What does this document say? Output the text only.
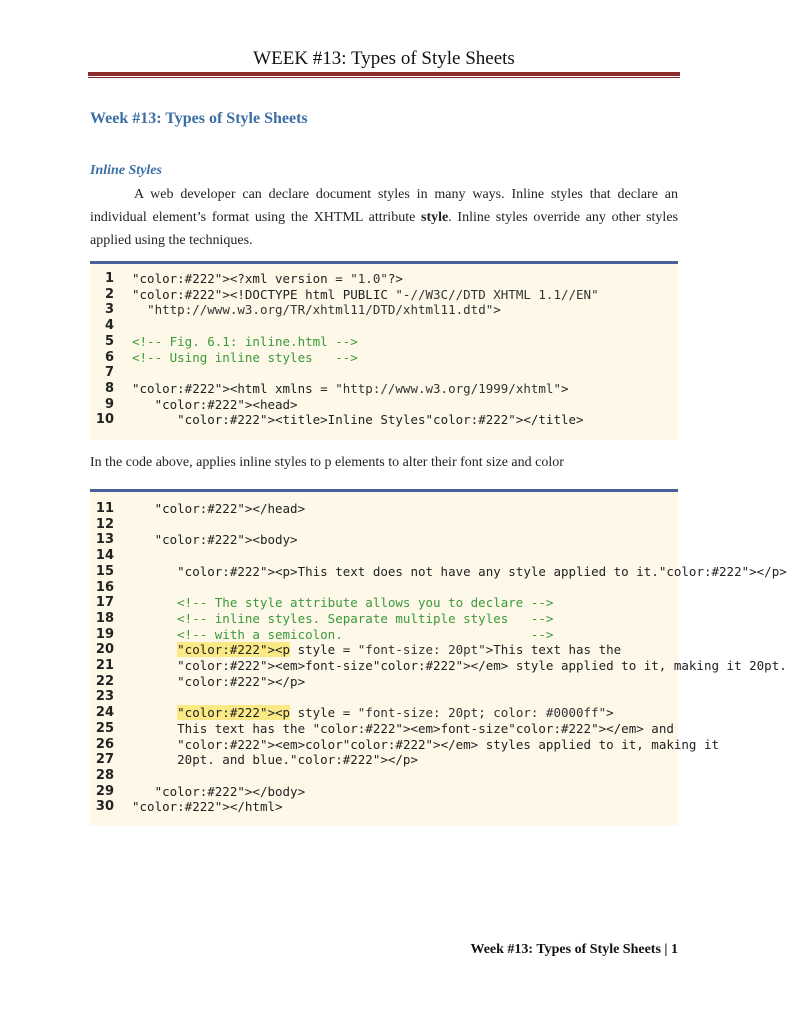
WEEK #13: Types of Style Sheets
Week #13: Types of Style Sheets
Inline Styles
A web developer can declare document styles in many ways. Inline styles that declare an individual element’s format using the XHTML attribute style. Inline styles override any other styles applied using the techniques.
1 "color:#222"><?xml version = "1.0"?>
2 "color:#222"><!DOCTYPE html PUBLIC "-//W3C//DTD XHTML 1.1//EN"
3	"http://www.w3.org/TR/xhtml11/DTD/xhtml11.dtd">
4
5 <!-- Fig. 6.1: inline.html -->
6 <!-- Using inline styles   -->
7
8 "color:#222"><html xmlns = "http://www.w3.org/1999/xhtml">
9	"color:#222"><head>
10	"color:#222"><title>Inline Styles"color:#222"></title>
In the code above, applies inline styles to p elements to alter their font size and color
11	"color:#222"></head>
12
13	"color:#222"><body>
14
15	"color:#222"><p>This text does not have any style applied to it."color:#222"></p>
16
17 <!-- The style attribute allows you to declare -->
18 <!-- inline styles. Separate multiple styles   -->
19 <!-- with a semicolon.                         -->
20	"color:#222"><p style = "font-size: 20pt">This text has the
21	"color:#222"><em>font-size"color:#222"></em> style applied to it, making it 20pt.
22	"color:#222"></p>
23
24	"color:#222"><p style = "font-size: 20pt; color: #0000ff">
25 This text has the "color:#222"><em>font-size"color:#222"></em> and
26	"color:#222"><em>color"color:#222"></em> styles applied to it, making it
27 20pt. and blue."color:#222"></p>
28
29	"color:#222"></body>
30 "color:#222"></html>
Week #13: Types of Style Sheets | 1
